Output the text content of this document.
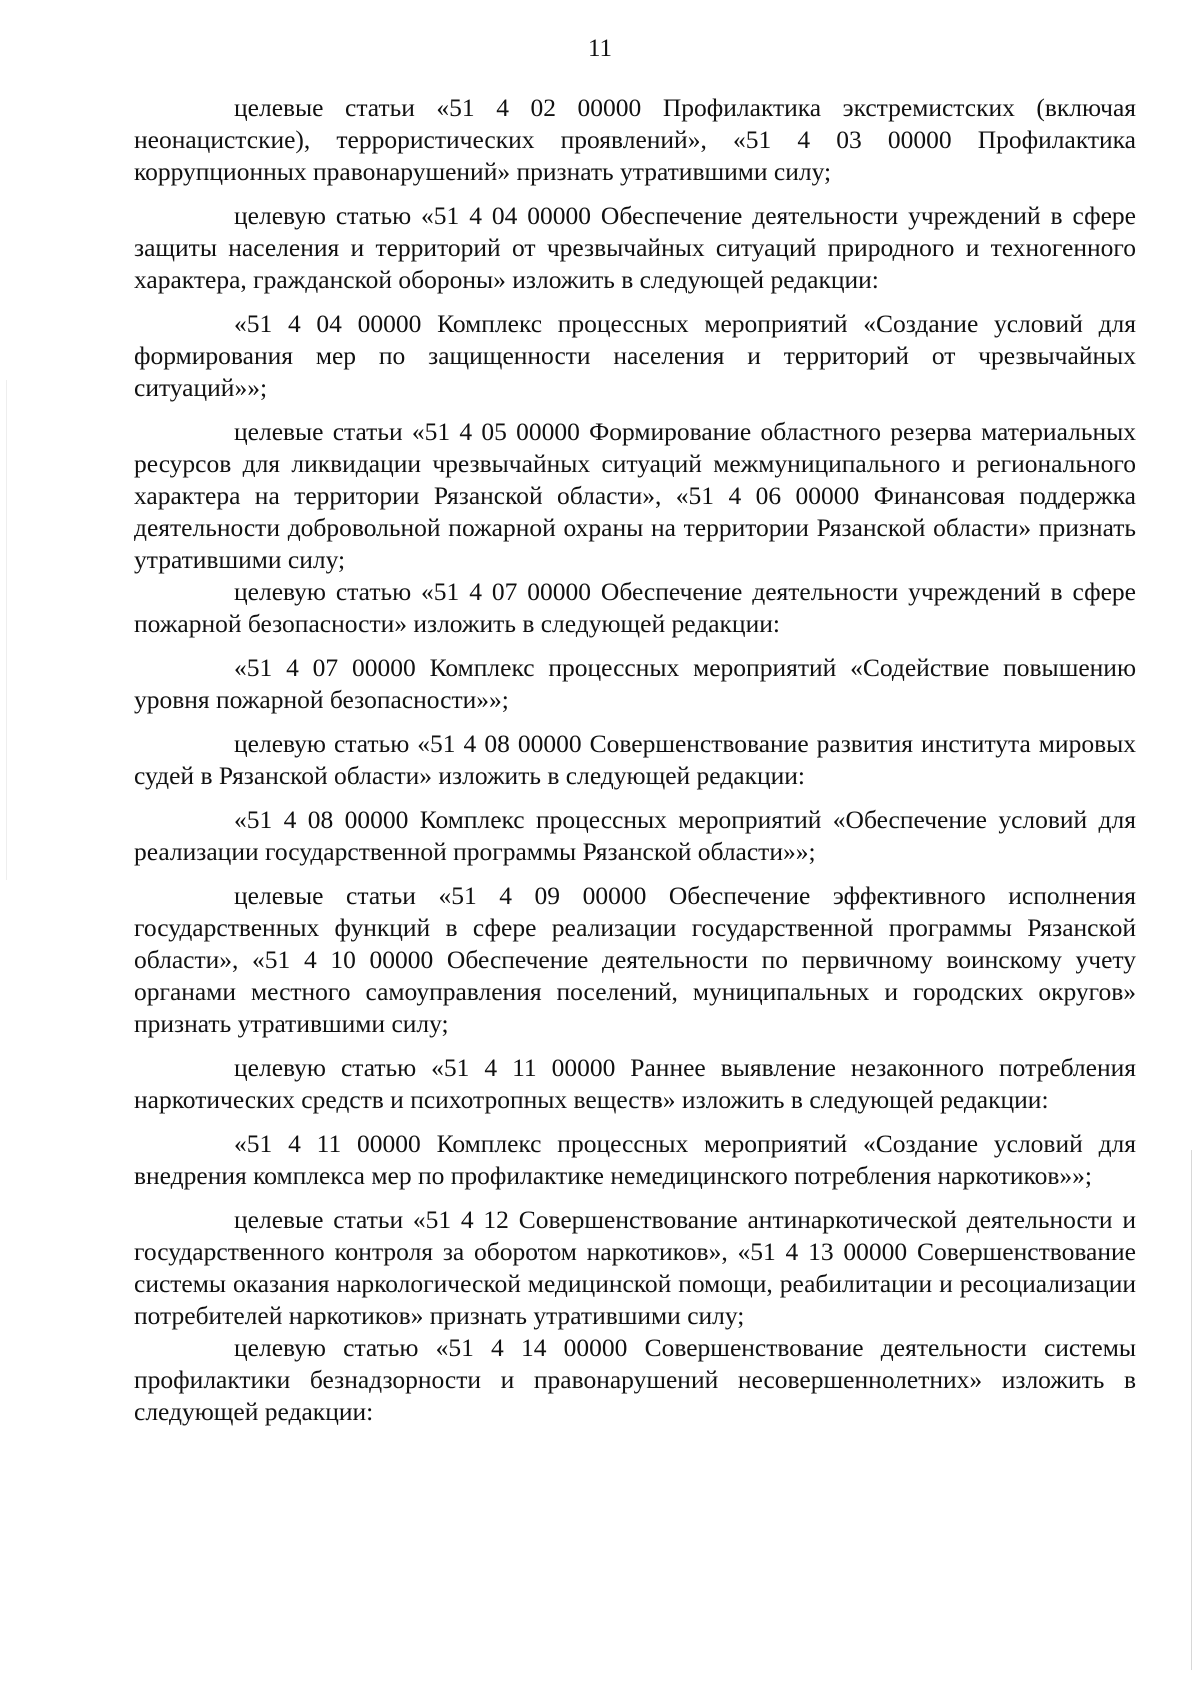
11

целевые статьи «51 4 02 00000 Профилактика экстремистских (включая неонацистские), террористических проявлений», «51 4 03 00000 Профилактика коррупционных правонарушений» признать утратившими силу;

целевую статью «51 4 04 00000 Обеспечение деятельности учреждений в сфере защиты населения и территорий от чрезвычайных ситуаций природного и техногенного характера, гражданской обороны» изложить в следующей редакции:

«51 4 04 00000 Комплекс процессных мероприятий «Создание условий для формирования мер по защищенности населения и территорий от чрезвычайных ситуаций»»;

целевые статьи «51 4 05 00000 Формирование областного резерва материальных ресурсов для ликвидации чрезвычайных ситуаций межмуниципального и регионального характера на территории Рязанской области», «51 4 06 00000 Финансовая поддержка деятельности добровольной пожарной охраны на территории Рязанской области» признать утратившими силу;

целевую статью «51 4 07 00000 Обеспечение деятельности учреждений в сфере пожарной безопасности» изложить в следующей редакции:

«51 4 07 00000 Комплекс процессных мероприятий «Содействие повышению уровня пожарной безопасности»»;

целевую статью «51 4 08 00000 Совершенствование развития института мировых судей в Рязанской области» изложить в следующей редакции:

«51 4 08 00000 Комплекс процессных мероприятий «Обеспечение условий для реализации государственной программы Рязанской области»»;

целевые статьи «51 4 09 00000 Обеспечение эффективного исполнения государственных функций в сфере реализации государственной программы Рязанской области», «51 4 10 00000 Обеспечение деятельности по первичному воинскому учету органами местного самоуправления поселений, муниципальных и городских округов» признать утратившими силу;

целевую статью «51 4 11 00000 Раннее выявление незаконного потребления наркотических средств и психотропных веществ» изложить в следующей редакции:

«51 4 11 00000 Комплекс процессных мероприятий «Создание условий для внедрения комплекса мер по профилактике немедицинского потребления наркотиков»»;

целевые статьи «51 4 12 Совершенствование антинаркотической деятельности и государственного контроля за оборотом наркотиков», «51 4 13 00000 Совершенствование системы оказания наркологической медицинской помощи, реабилитации и ресоциализации потребителей наркотиков» признать утратившими силу;

целевую статью «51 4 14 00000 Совершенствование деятельности системы профилактики безнадзорности и правонарушений несовершеннолетних» изложить в следующей редакции:
